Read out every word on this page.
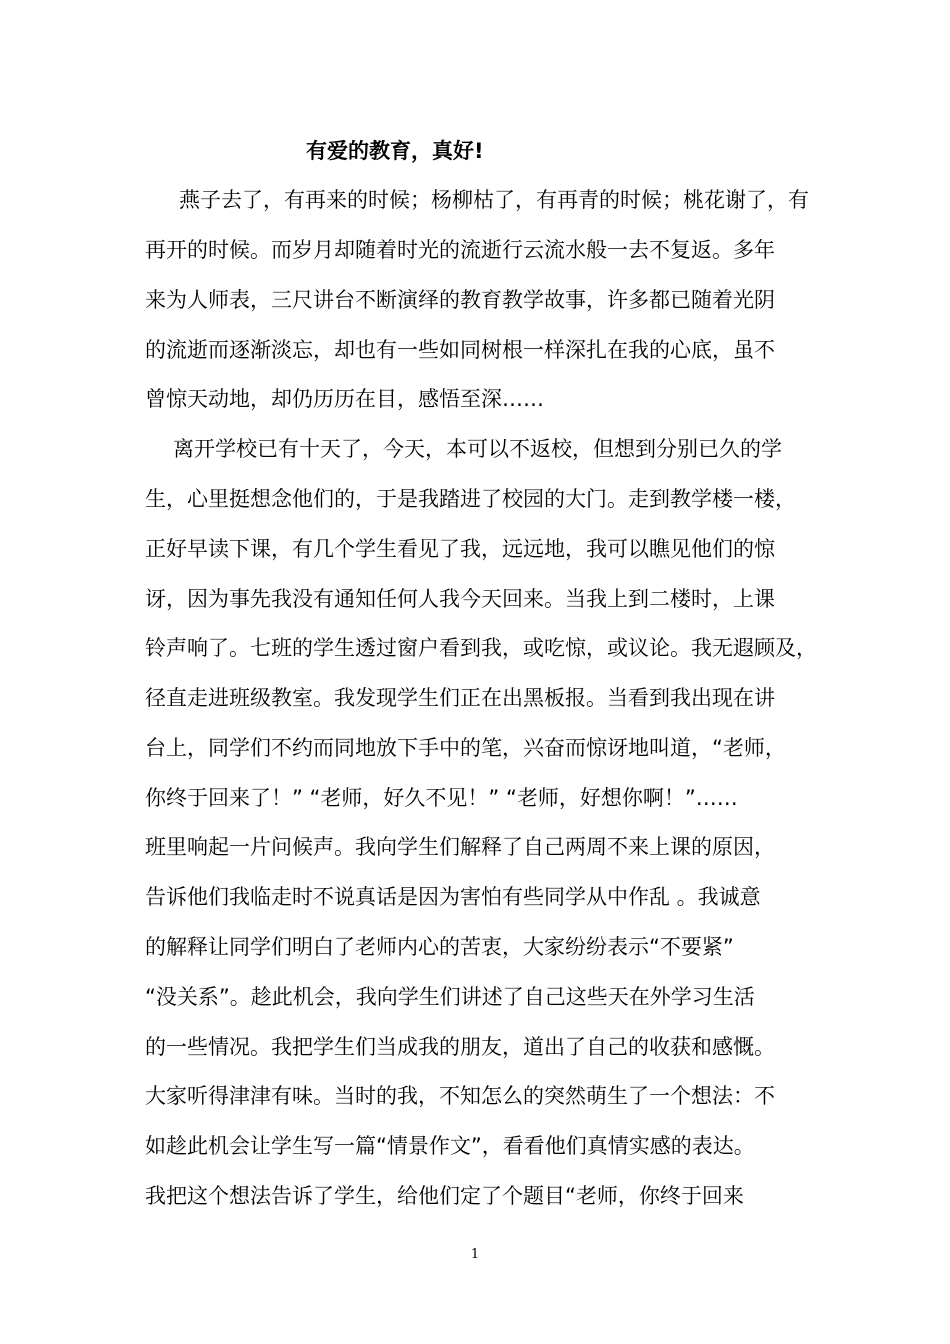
有爱的教育，真好!
燕子去了，有再来的时候；杨柳枯了，有再青的时候；桃花谢了，有
再开的时候。而岁月却随着时光的流逝行云流水般一去不复返。多年
来为人师表，三尺讲台不断演绎的教育教学故事，许多都已随着光阴
的流逝而逐渐淡忘，却也有一些如同树根一样深扎在我的心底，虽不
曾惊天动地，却仍历历在目，感悟至深……
离开学校已有十天了，今天，本可以不返校，但想到分别已久的学
生，心里挺想念他们的，于是我踏进了校园的大门。走到教学楼一楼，
正好早读下课，有几个学生看见了我，远远地，我可以瞧见他们的惊
讶，因为事先我没有通知任何人我今天回来。当我上到二楼时，上课
铃声响了。七班的学生透过窗户看到我，或吃惊，或议论。我无遐顾及，
径直走进班级教室。我发现学生们正在出黑板报。当看到我出现在讲
台上，同学们不约而同地放下手中的笔，兴奋而惊讶地叫道，“老师，
你终于回来了！” “老师，好久不见！” “老师，好想你啊！”……
班里响起一片问候声。我向学生们解释了自己两周不来上课的原因，
告诉他们我临走时不说真话是因为害怕有些同学从中作乱 。我诚意
的解释让同学们明白了老师内心的苦衷，大家纷纷表示“不要紧”
“没关系”。趁此机会，我向学生们讲述了自己这些天在外学习生活
的一些情况。我把学生们当成我的朋友，道出了自己的收获和感慨。
大家听得津津有味。当时的我，不知怎么的突然萌生了一个想法：不
如趁此机会让学生写一篇“情景作文”，看看他们真情实感的表达。
我把这个想法告诉了学生，给他们定了个题目“老师，你终于回来
1
